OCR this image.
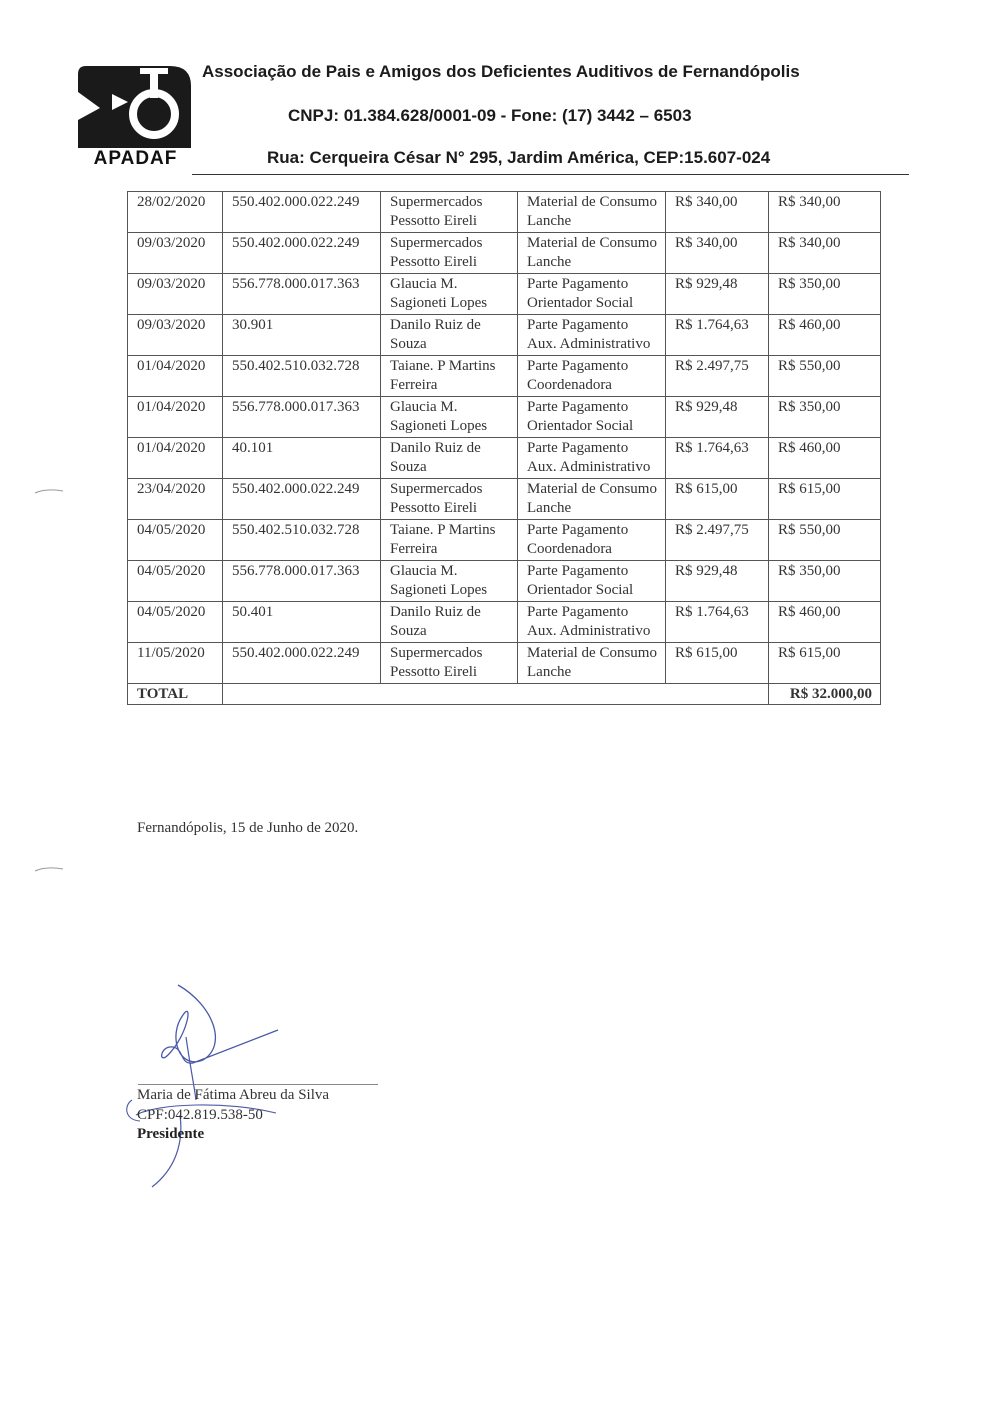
APADAF
Associação de Pais e Amigos dos Deficientes Auditivos de Fernandópolis
CNPJ: 01.384.628/0001-09 - Fone: (17) 3442 – 6503
Rua: Cerqueira César N° 295, Jardim América, CEP:15.607-024
28/02/2020	550.402.000.022.249	Supermercados Pessotto Eireli	Material de Consumo Lanche	R$ 340,00	R$ 340,00
09/03/2020	550.402.000.022.249	Supermercados Pessotto Eireli	Material de Consumo Lanche	R$ 340,00	R$ 340,00
09/03/2020	556.778.000.017.363	Glaucia M. Sagioneti Lopes	Parte Pagamento Orientador Social	R$ 929,48	R$ 350,00
09/03/2020	30.901	Danilo Ruiz de Souza	Parte Pagamento Aux. Administrativo	R$ 1.764,63	R$ 460,00
01/04/2020	550.402.510.032.728	Taiane. P Martins Ferreira	Parte Pagamento Coordenadora	R$ 2.497,75	R$ 550,00
01/04/2020	556.778.000.017.363	Glaucia M. Sagioneti Lopes	Parte Pagamento Orientador Social	R$ 929,48	R$ 350,00
01/04/2020	40.101	Danilo Ruiz de Souza	Parte Pagamento Aux. Administrativo	R$ 1.764,63	R$ 460,00
23/04/2020	550.402.000.022.249	Supermercados Pessotto Eireli	Material de Consumo Lanche	R$ 615,00	R$ 615,00
04/05/2020	550.402.510.032.728	Taiane. P Martins Ferreira	Parte Pagamento Coordenadora	R$ 2.497,75	R$ 550,00
04/05/2020	556.778.000.017.363	Glaucia M. Sagioneti Lopes	Parte Pagamento Orientador Social	R$ 929,48	R$ 350,00
04/05/2020	50.401	Danilo Ruiz de Souza	Parte Pagamento Aux. Administrativo	R$ 1.764,63	R$ 460,00
11/05/2020	550.402.000.022.249	Supermercados Pessotto Eireli	Material de Consumo Lanche	R$ 615,00	R$ 615,00
TOTAL					R$ 32.000,00
Fernandópolis, 15 de Junho de 2020.
Maria de Fátima Abreu da Silva
CPF:042.819.538-50
Presidente
